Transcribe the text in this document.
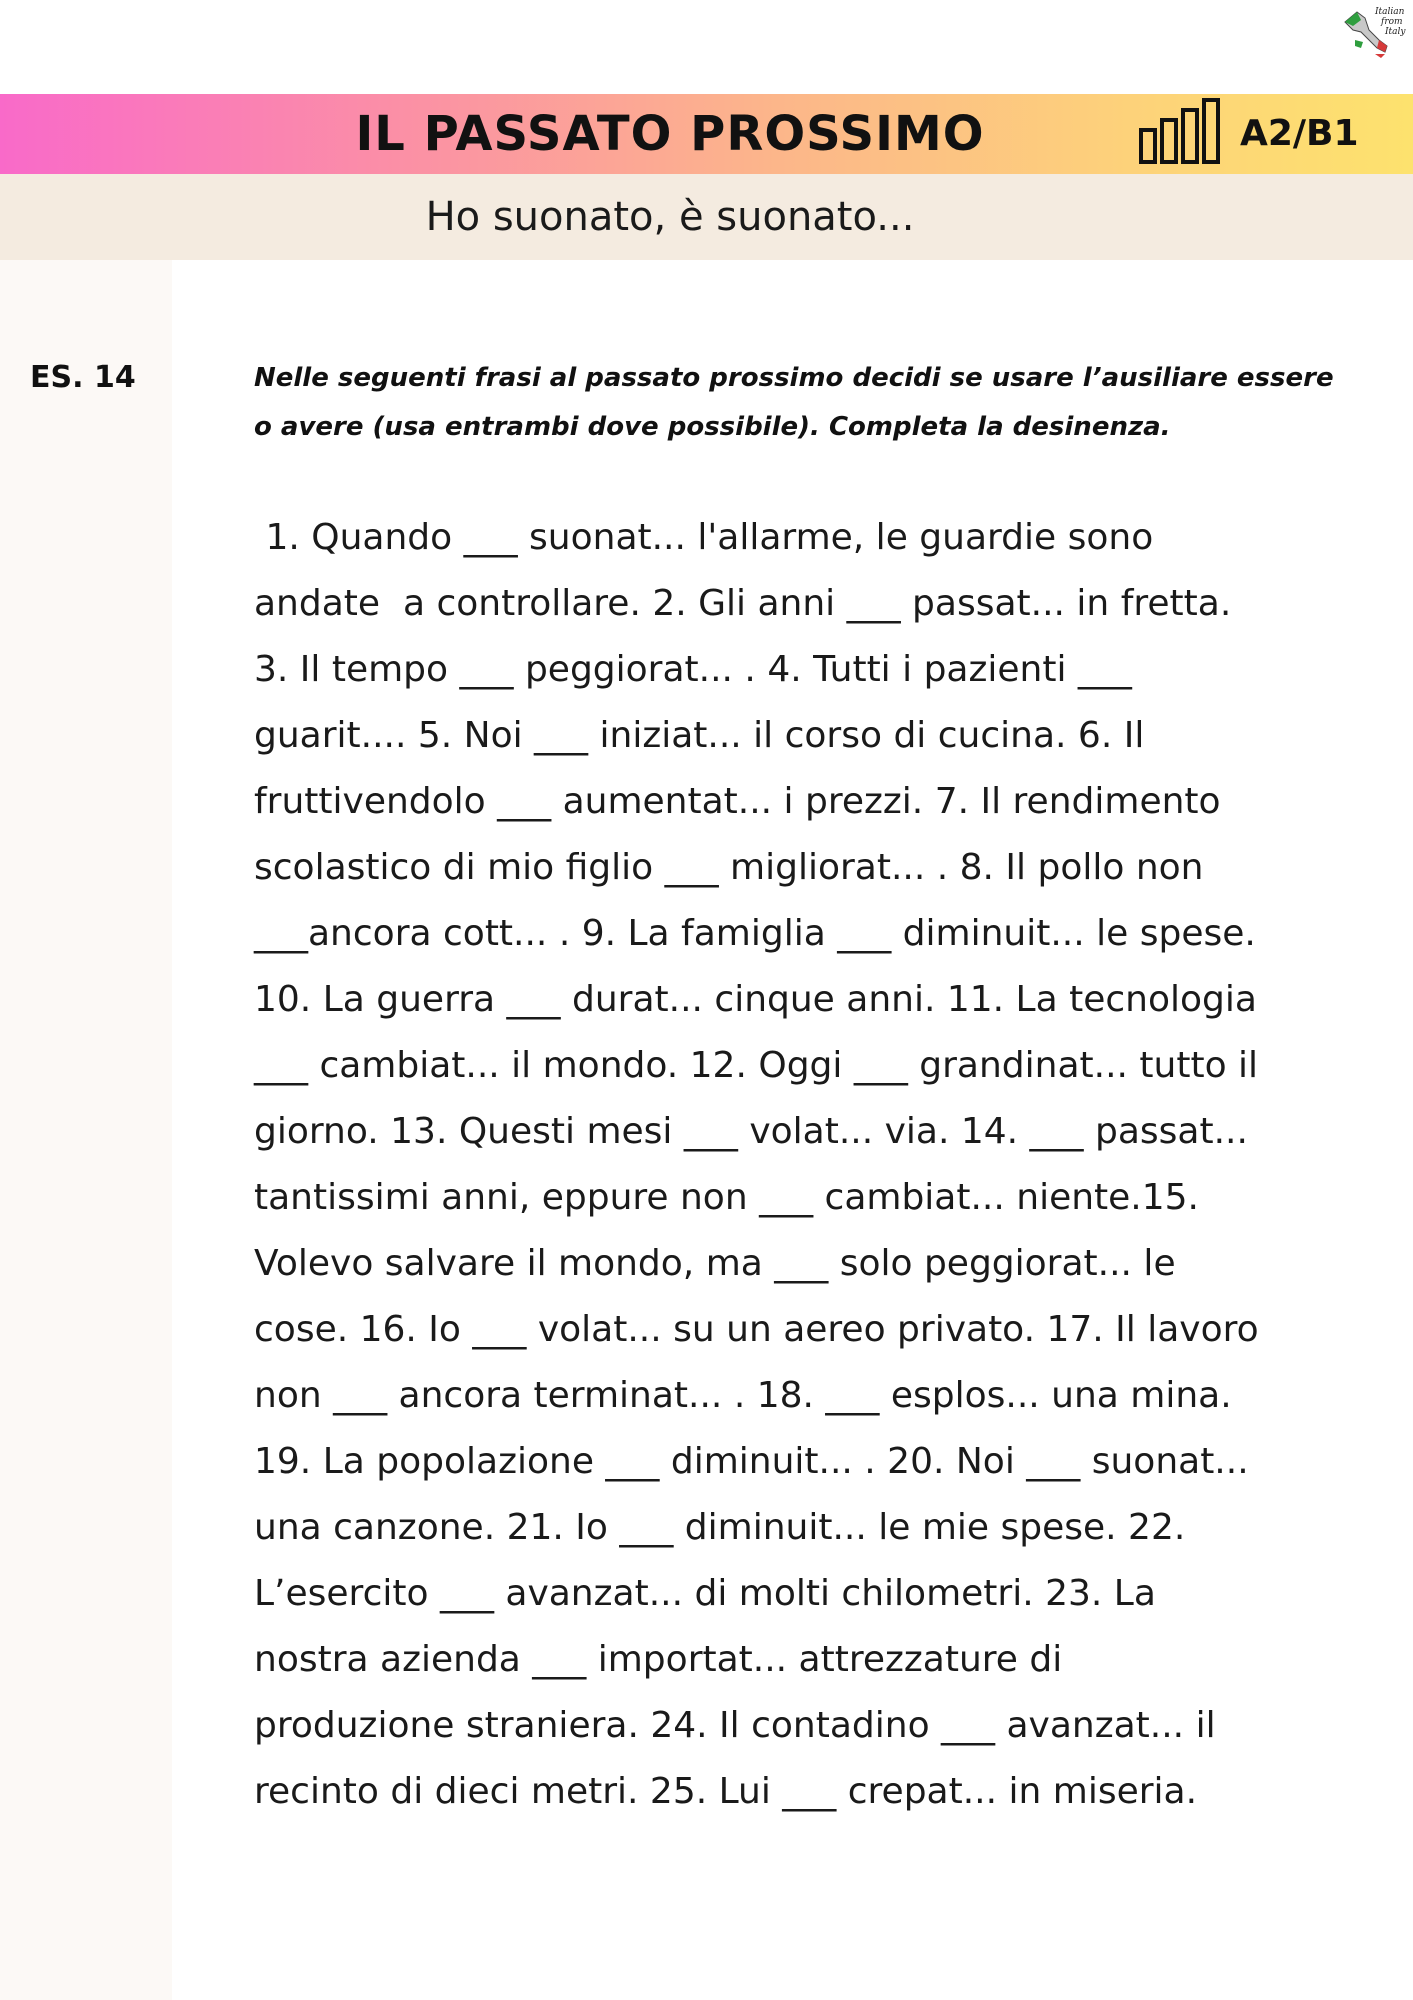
Italian
from
Italy
IL PASSATO PROSSIMO	A2/B1
Ho suonato, è suonato...
ES. 14	Nelle seguenti frasi al passato prossimo decidi se usare l’ausiliare essere o avere (usa entrambi dove possibile). Completa la desinenza.
1. Quando ___ suonat... l'allarme, le guardie sono
andate  a controllare. 2. Gli anni ___ passat... in fretta.
3. Il tempo ___ peggiorat... . 4. Tutti i pazienti ___
guarit.... 5. Noi ___ iniziat... il corso di cucina. 6. Il
fruttivendolo ___ aumentat... i prezzi. 7. Il rendimento
scolastico di mio figlio ___ migliorat... . 8. Il pollo non
___ancora cott... . 9. La famiglia ___ diminuit... le spese.
10. La guerra ___ durat... cinque anni. 11. La tecnologia
___ cambiat... il mondo. 12. Oggi ___ grandinat... tutto il
giorno. 13. Questi mesi ___ volat... via. 14. ___ passat...
tantissimi anni, eppure non ___ cambiat... niente.15.
Volevo salvare il mondo, ma ___ solo peggiorat... le
cose. 16. Io ___ volat... su un aereo privato. 17. Il lavoro
non ___ ancora terminat... . 18. ___ esplos... una mina.
19. La popolazione ___ diminuit... . 20. Noi ___ suonat...
una canzone. 21. Io ___ diminuit... le mie spese. 22.
L’esercito ___ avanzat... di molti chilometri. 23. La
nostra azienda ___ importat... attrezzature di
produzione straniera. 24. Il contadino ___ avanzat... il
recinto di dieci metri. 25. Lui ___ crepat... in miseria.
